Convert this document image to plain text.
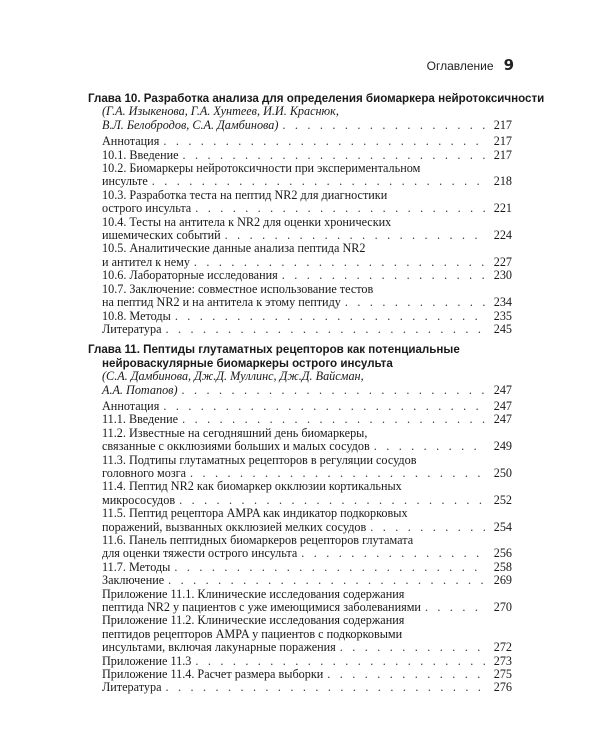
Оглавление 9
Глава 10. Разработка анализа для определения биомаркера нейротоксичности
(Г.А. Изыкенова, Г.А. Хунтеев, И.И. Краснюк,
В.Л. Белобродов, С.А. Дамбинова) . . .	217
Аннотация . . .	217
10.1. Введение . . .	217
10.2. Биомаркеры нейротоксичности при экспериментальном
инсульте . . .	218
10.3. Разработка теста на пептид NR2 для диагностики
острого инсульта . . .	221
10.4. Тесты на антитела к NR2 для оценки хронических
ишемических событий . . .	224
10.5. Аналитические данные анализа пептида NR2
и антител к нему . . .	227
10.6. Лабораторные исследования . . .	230
10.7. Заключение: совместное использование тестов
на пептид NR2 и на антитела к этому пептиду . . .	234
10.8. Методы . . .	235
Литература . . .	245
Глава 11. Пептиды глутаматных рецепторов как потенциальные
нейроваскулярные биомаркеры острого инсульта
(С.А. Дамбинова, Дж.Д. Муллинс, Дж.Д. Вайсман,
А.А. Потапов) . . .	247
Аннотация . . .	247
11.1. Введение . . .	247
11.2. Известные на сегодняшний день биомаркеры,
связанные с окклюзиями больших и малых сосудов . . .	249
11.3. Подтипы глутаматных рецепторов в регуляции сосудов
головного мозга . . .	250
11.4. Пептид NR2 как биомаркер окклюзии кортикальных
микрососудов . . .	252
11.5. Пептид рецептора AMPA как индикатор подкорковых
поражений, вызванных окклюзией мелких сосудов . . .	254
11.6. Панель пептидных биомаркеров рецепторов глутамата
для оценки тяжести острого инсульта . . .	256
11.7. Методы . . .	258
Заключение . . .	269
Приложение 11.1. Клинические исследования содержания
пептида NR2 у пациентов с уже имеющимися заболеваниями . . .	270
Приложение 11.2. Клинические исследования содержания
пептидов рецепторов AMPA у пациентов с подкорковыми
инсультами, включая лакунарные поражения . . .	272
Приложение 11.3 . . .	273
Приложение 11.4. Расчет размера выборки . . .	275
Литература . . .	276
